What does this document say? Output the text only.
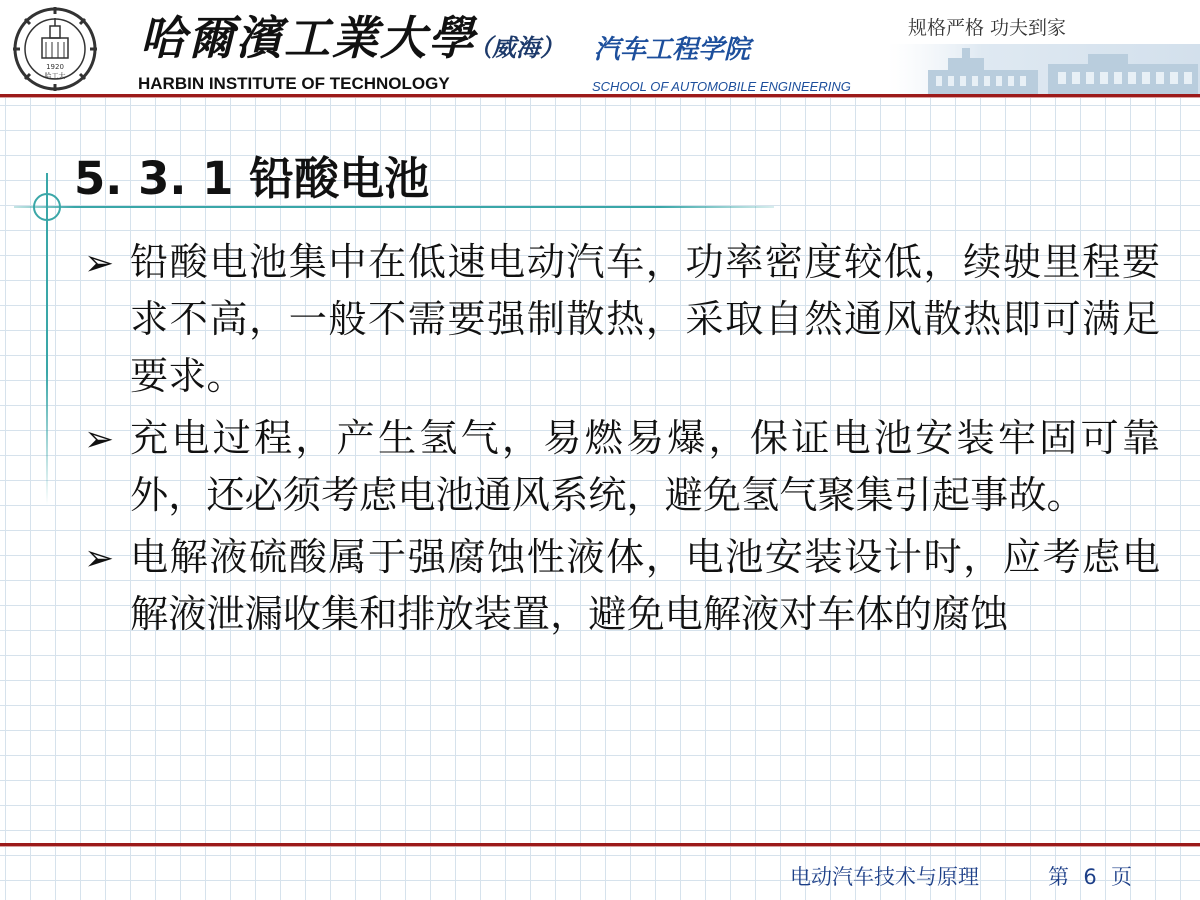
1920
哈工大
哈爾濱工業大學
（威海） 汽车工程学院
HARBIN INSTITUTE OF TECHNOLOGY	SCHOOL OF AUTOMOBILE ENGINEERING
规格严格 功夫到家
5. 3. 1 铅酸电池
➢ 铅酸电池集中在低速电动汽车，功率密度较低，续驶里程要求不高，一般不需要强制散热，采取自然通风散热即可满足要求。

➢ 充电过程，产生氢气，易燃易爆，保证电池安装牢固可靠外，还必须考虑电池通风系统，避免氢气聚集引起事故。

➢ 电解液硫酸属于强腐蚀性液体，电池安装设计时，应考虑电解液泄漏收集和排放装置，避免电解液对车体的腐蚀

电动汽车技术与原理	第 6 页
